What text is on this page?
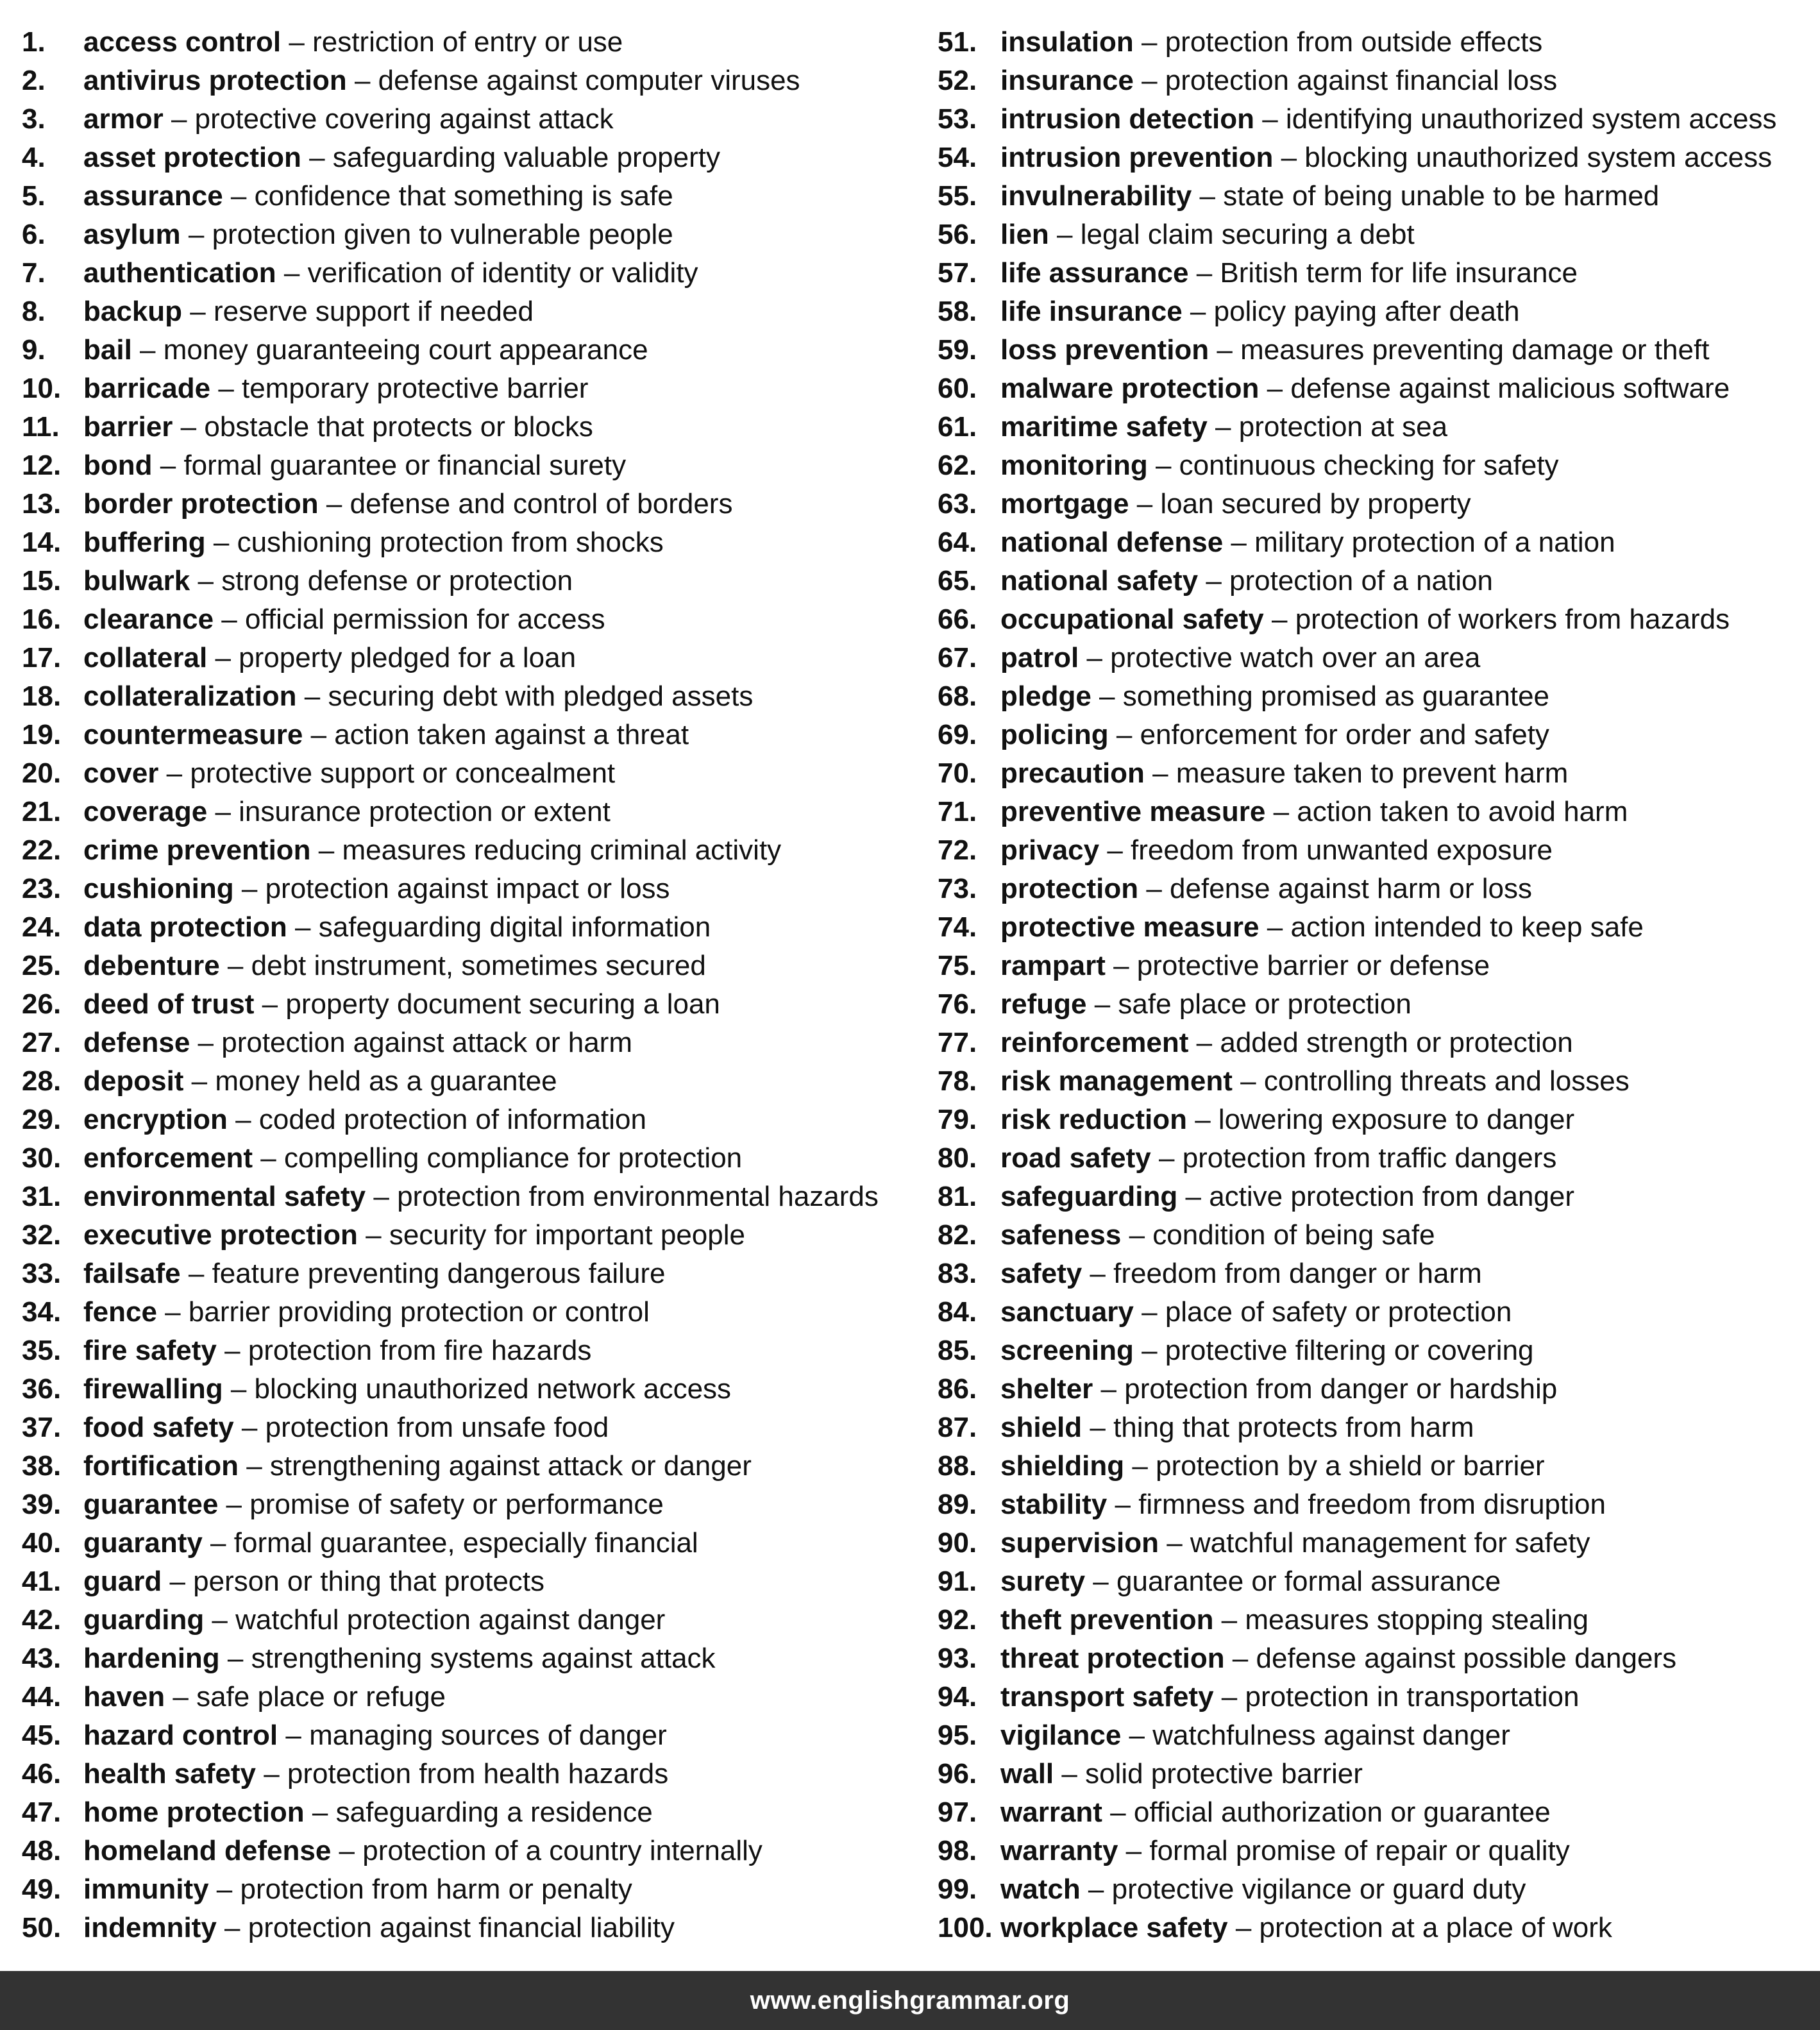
1.	access control – restriction of entry or use
2.	antivirus protection – defense against computer viruses
3.	armor – protective covering against attack
4.	asset protection – safeguarding valuable property
5.	assurance – confidence that something is safe
6.	asylum – protection given to vulnerable people
7.	authentication – verification of identity or validity
8.	backup – reserve support if needed
9.	bail – money guaranteeing court appearance
10. barricade – temporary protective barrier
11. barrier – obstacle that protects or blocks
12. bond – formal guarantee or financial surety
13. border protection – defense and control of borders
14. buffering – cushioning protection from shocks
15. bulwark – strong defense or protection
16. clearance – official permission for access
17. collateral – property pledged for a loan
18. collateralization – securing debt with pledged assets
19. countermeasure – action taken against a threat
20. cover – protective support or concealment
21. coverage – insurance protection or extent
22. crime prevention – measures reducing criminal activity
23. cushioning – protection against impact or loss
24. data protection – safeguarding digital information
25. debenture – debt instrument, sometimes secured
26. deed of trust – property document securing a loan
27. defense – protection against attack or harm
28. deposit – money held as a guarantee
29. encryption – coded protection of information
30. enforcement – compelling compliance for protection
31. environmental safety – protection from environmental hazards
32. executive protection – security for important people
33. failsafe – feature preventing dangerous failure
34. fence – barrier providing protection or control
35. fire safety – protection from fire hazards
36. firewalling – blocking unauthorized network access
37. food safety – protection from unsafe food
38. fortification – strengthening against attack or danger
39. guarantee – promise of safety or performance
40. guaranty – formal guarantee, especially financial
41. guard – person or thing that protects
42. guarding – watchful protection against danger
43. hardening – strengthening systems against attack
44. haven – safe place or refuge
45. hazard control – managing sources of danger
46. health safety – protection from health hazards
47. home protection – safeguarding a residence
48. homeland defense – protection of a country internally
49. immunity – protection from harm or penalty
50. indemnity – protection against financial liability
51. insulation – protection from outside effects
52. insurance – protection against financial loss
53. intrusion detection – identifying unauthorized system access
54. intrusion prevention – blocking unauthorized system access
55. invulnerability – state of being unable to be harmed
56. lien – legal claim securing a debt
57. life assurance – British term for life insurance
58. life insurance – policy paying after death
59. loss prevention – measures preventing damage or theft
60. malware protection – defense against malicious software
61. maritime safety – protection at sea
62. monitoring – continuous checking for safety
63. mortgage – loan secured by property
64. national defense – military protection of a nation
65. national safety – protection of a nation
66. occupational safety – protection of workers from hazards
67. patrol – protective watch over an area
68. pledge – something promised as guarantee
69. policing – enforcement for order and safety
70. precaution – measure taken to prevent harm
71. preventive measure – action taken to avoid harm
72. privacy – freedom from unwanted exposure
73. protection – defense against harm or loss
74. protective measure – action intended to keep safe
75. rampart – protective barrier or defense
76. refuge – safe place or protection
77. reinforcement – added strength or protection
78. risk management – controlling threats and losses
79. risk reduction – lowering exposure to danger
80. road safety – protection from traffic dangers
81. safeguarding – active protection from danger
82. safeness – condition of being safe
83. safety – freedom from danger or harm
84. sanctuary – place of safety or protection
85. screening – protective filtering or covering
86. shelter – protection from danger or hardship
87. shield – thing that protects from harm
88. shielding – protection by a shield or barrier
89. stability – firmness and freedom from disruption
90. supervision – watchful management for safety
91. surety – guarantee or formal assurance
92. theft prevention – measures stopping stealing
93. threat protection – defense against possible dangers
94. transport safety – protection in transportation
95. vigilance – watchfulness against danger
96. wall – solid protective barrier
97. warrant – official authorization or guarantee
98. warranty – formal promise of repair or quality
99. watch – protective vigilance or guard duty
100. workplace safety – protection at a place of work
www.englishgrammar.org
